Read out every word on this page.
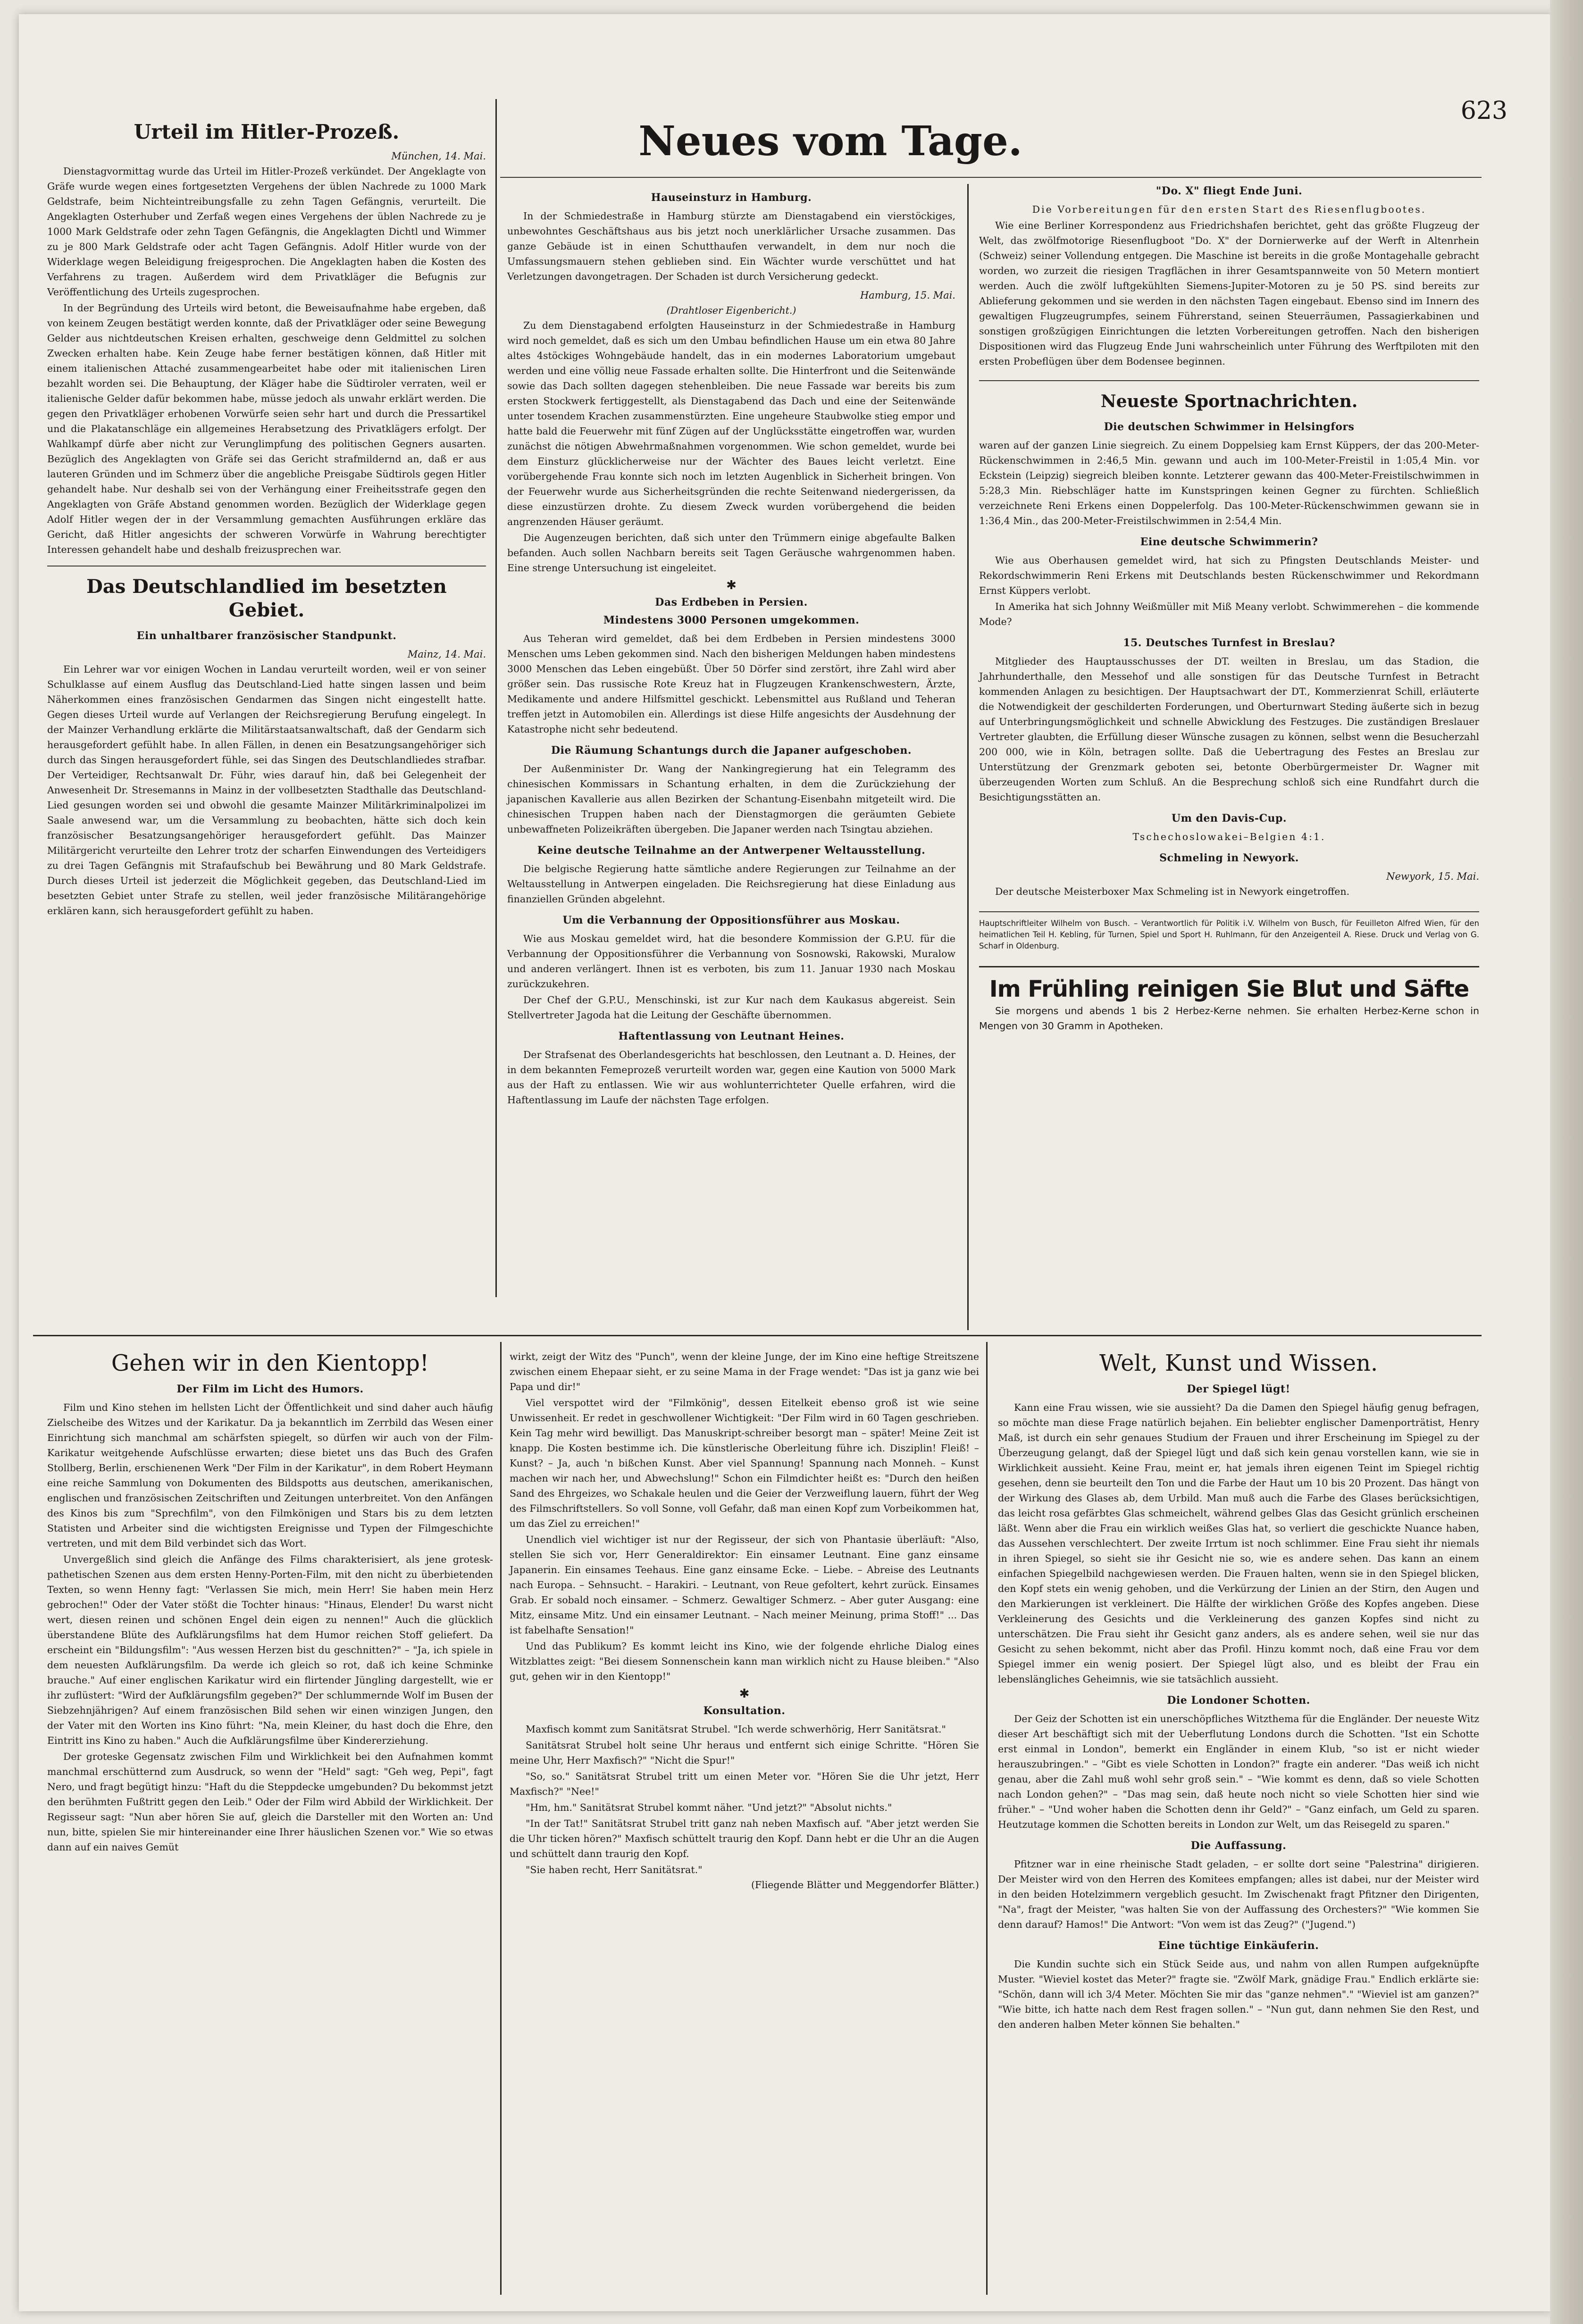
623
Neues vom Tage.
Urteil im Hitler-Prozeß.
München, 14. Mai.

Dienstagvormittag wurde das Urteil im Hitler-Prozeß verkündet. Der Angeklagte von Gräfe wurde wegen eines fortgesetzten Vergehens der üblen Nachrede zu 1000 Mark Geldstrafe, beim Nichteintreibungsfalle zu zehn Tagen Gefängnis, verurteilt. Die Angeklagten Osterhuber und Zerfaß wegen eines Vergehens der üblen Nachrede zu je 1000 Mark Geldstrafe oder zehn Tagen Gefängnis, die Angeklagten Dichtl und Wimmer zu je 800 Mark Geldstrafe oder acht Tagen Gefängnis. Adolf Hitler wurde von der Widerklage wegen Beleidigung freigesprochen. Die Angeklagten haben die Kosten des Verfahrens zu tragen. Außerdem wird dem Privatkläger die Befugnis zur Veröffentlichung des Urteils zugesprochen.

In der Begründung des Urteils wird betont, die Beweisaufnahme habe ergeben, daß von keinem Zeugen bestätigt werden konnte, daß der Privatkläger oder seine Bewegung Gelder aus nichtdeutschen Kreisen erhalten, geschweige denn Geldmittel zu solchen Zwecken erhalten habe. Kein Zeuge habe ferner bestätigen können, daß Hitler mit einem italienischen Attaché zusammengearbeitet habe oder mit italienischen Liren bezahlt worden sei. Die Behauptung, der Kläger habe die Südtiroler verraten, weil er italienische Gelder dafür bekommen habe, müsse jedoch als unwahr erklärt werden. Die gegen den Privatkläger erhobenen Vorwürfe seien sehr hart und durch die Pressartikel und die Plakatanschläge ein allgemeines Herabsetzung des Privatklägers erfolgt. Der Wahlkampf dürfe aber nicht zur Verunglimpfung des politischen Gegners ausarten. Bezüglich des Angeklagten von Gräfe sei das Gericht strafmildernd an, daß er aus lauteren Gründen und im Schmerz über die angebliche Preisgabe Südtirols gegen Hitler gehandelt habe. Nur deshalb sei von der Verhängung einer Freiheitsstrafe gegen den Angeklagten von Gräfe Abstand genommen worden. Bezüglich der Widerklage gegen Adolf Hitler wegen der in der Versammlung gemachten Ausführungen erkläre das Gericht, daß Hitler angesichts der schweren Vorwürfe in Wahrung berechtigter Interessen gehandelt habe und deshalb freizusprechen war.

Das Deutschlandlied im besetzten Gebiet.
Ein unhaltbarer französischer Standpunkt.
Mainz, 14. Mai.

Ein Lehrer war vor einigen Wochen in Landau verurteilt worden, weil er von seiner Schulklasse auf einem Ausflug das Deutschland-Lied hatte singen lassen und beim Näherkommen eines französischen Gendarmen das Singen nicht eingestellt hatte. Gegen dieses Urteil wurde auf Verlangen der Reichsregierung Berufung eingelegt. In der Mainzer Verhandlung erklärte die Militärstaatsanwaltschaft, daß der Gendarm sich herausgefordert gefühlt habe. In allen Fällen, in denen ein Besatzungsangehöriger sich durch das Singen herausgefordert fühle, sei das Singen des Deutschlandliedes strafbar. Der Verteidiger, Rechtsanwalt Dr. Führ, wies darauf hin, daß bei Gelegenheit der Anwesenheit Dr. Stresemanns in Mainz in der vollbesetzten Stadthalle das Deutschland-Lied gesungen worden sei und obwohl die gesamte Mainzer Militärkriminalpolizei im Saale anwesend war, um die Versammlung zu beobachten, hätte sich doch kein französischer Besatzungsangehöriger herausgefordert gefühlt. Das Mainzer Militärgericht verurteilte den Lehrer trotz der scharfen Einwendungen des Verteidigers zu drei Tagen Gefängnis mit Strafaufschub bei Bewährung und 80 Mark Geldstrafe. Durch dieses Urteil ist jederzeit die Möglichkeit gegeben, das Deutschland-Lied im besetzten Gebiet unter Strafe zu stellen, weil jeder französische Militärangehörige erklären kann, sich herausgefordert gefühlt zu haben.

Hauseinsturz in Hamburg.

In der Schmiedestraße in Hamburg stürzte am Dienstagabend ein vierstöckiges, unbewohntes Geschäftshaus aus bis jetzt noch unerklärlicher Ursache zusammen. Das ganze Gebäude ist in einen Schutthaufen verwandelt, in dem nur noch die Umfassungsmauern stehen geblieben sind. Ein Wächter wurde verschüttet und hat Verletzungen davongetragen. Der Schaden ist durch Versicherung gedeckt.

Hamburg, 15. Mai.
(Drahtloser Eigenbericht.)

Zu dem Dienstagabend erfolgten Hauseinsturz in der Schmiedestraße in Hamburg wird noch gemeldet, daß es sich um den Umbau befindlichen Hause um ein etwa 80 Jahre altes 4stöckiges Wohngebäude handelt, das in ein modernes Laboratorium umgebaut werden und eine völlig neue Fassade erhalten sollte. Die Hinterfront und die Seitenwände sowie das Dach sollten dagegen stehenbleiben. Die neue Fassade war bereits bis zum ersten Stockwerk fertiggestellt, als Dienstagabend das Dach und eine der Seitenwände unter tosendem Krachen zusammenstürzten. Eine ungeheure Staubwolke stieg empor und hatte bald die Feuerwehr mit fünf Zügen auf der Unglücksstätte eingetroffen war, wurden zunächst die nötigen Abwehrmaßnahmen vorgenommen. Wie schon gemeldet, wurde bei dem Einsturz glücklicherweise nur der Wächter des Baues leicht verletzt. Eine vorübergehende Frau konnte sich noch im letzten Augenblick in Sicherheit bringen. Von der Feuerwehr wurde aus Sicherheitsgründen die rechte Seitenwand niedergerissen, da diese einzustürzen drohte. Zu diesem Zweck wurden vorübergehend die beiden angrenzenden Häuser geräumt.

Die Augenzeugen berichten, daß sich unter den Trümmern einige abgefaulte Balken befanden. Auch sollen Nachbarn bereits seit Tagen Geräusche wahrgenommen haben. Eine strenge Untersuchung ist eingeleitet.

✱
Das Erdbeben in Persien.
Mindestens 3000 Personen umgekommen.

Aus Teheran wird gemeldet, daß bei dem Erdbeben in Persien mindestens 3000 Menschen ums Leben gekommen sind. Nach den bisherigen Meldungen haben mindestens 3000 Menschen das Leben eingebüßt. Über 50 Dörfer sind zerstört, ihre Zahl wird aber größer sein. Das russische Rote Kreuz hat in Flugzeugen Krankenschwestern, Ärzte, Medikamente und andere Hilfsmittel geschickt. Lebensmittel aus Rußland und Teheran treffen jetzt in Automobilen ein. Allerdings ist diese Hilfe angesichts der Ausdehnung der Katastrophe nicht sehr bedeutend.

Die Räumung Schantungs durch die Japaner aufgeschoben.

Der Außenminister Dr. Wang der Nankingregierung hat ein Telegramm des chinesischen Kommissars in Schantung erhalten, in dem die Zurückziehung der japanischen Kavallerie aus allen Bezirken der Schantung-Eisenbahn mitgeteilt wird. Die chinesischen Truppen haben nach der Dienstagmorgen die geräumten Gebiete unbewaffneten Polizeikräften übergeben. Die Japaner werden nach Tsingtau abziehen.

Keine deutsche Teilnahme an der Antwerpener Weltausstellung.

Die belgische Regierung hatte sämtliche andere Regierungen zur Teilnahme an der Weltausstellung in Antwerpen eingeladen. Die Reichsregierung hat diese Einladung aus finanziellen Gründen abgelehnt.

Um die Verbannung der Oppositionsführer aus Moskau.

Wie aus Moskau gemeldet wird, hat die besondere Kommission der G.P.U. für die Verbannung der Oppositionsführer die Verbannung von Sosnowski, Rakowski, Muralow und anderen verlängert. Ihnen ist es verboten, bis zum 11. Januar 1930 nach Moskau zurückzukehren.

Der Chef der G.P.U., Menschinski, ist zur Kur nach dem Kaukasus abgereist. Sein Stellvertreter Jagoda hat die Leitung der Geschäfte übernommen.

Haftentlassung von Leutnant Heines.

Der Strafsenat des Oberlandesgerichts hat beschlossen, den Leutnant a. D. Heines, der in dem bekannten Femeprozeß verurteilt worden war, gegen eine Kaution von 5000 Mark aus der Haft zu entlassen. Wie wir aus wohlunterrichteter Quelle erfahren, wird die Haftentlassung im Laufe der nächsten Tage erfolgen.

"Do. X" fliegt Ende Juni.

Die Vorbereitungen für den ersten Start des Riesenflugbootes.

Wie eine Berliner Korrespondenz aus Friedrichshafen berichtet, geht das größte Flugzeug der Welt, das zwölfmotorige Riesenflugboot "Do. X" der Dornierwerke auf der Werft in Altenrhein (Schweiz) seiner Vollendung entgegen. Die Maschine ist bereits in die große Montagehalle gebracht worden, wo zurzeit die riesigen Tragflächen in ihrer Gesamtspannweite von 50 Metern montiert werden. Auch die zwölf luftgekühlten Siemens-Jupiter-Motoren zu je 50 PS. sind bereits zur Ablieferung gekommen und sie werden in den nächsten Tagen eingebaut. Ebenso sind im Innern des gewaltigen Flugzeugrumpfes, seinem Führerstand, seinen Steuerräumen, Passagierkabinen und sonstigen großzügigen Einrichtungen die letzten Vorbereitungen getroffen. Nach den bisherigen Dispositionen wird das Flugzeug Ende Juni wahrscheinlich unter Führung des Werftpiloten mit den ersten Probeflügen über dem Bodensee beginnen.

Neueste Sportnachrichten.
Die deutschen Schwimmer in Helsingfors

waren auf der ganzen Linie siegreich. Zu einem Doppelsieg kam Ernst Küppers, der das 200-Meter-Rückenschwimmen in 2:46,5 Min. gewann und auch im 100-Meter-Freistil in 1:05,4 Min. vor Eckstein (Leipzig) siegreich bleiben konnte. Letzterer gewann das 400-Meter-Freistilschwimmen in 5:28,3 Min. Riebschläger hatte im Kunstspringen keinen Gegner zu fürchten. Schließlich verzeichnete Reni Erkens einen Doppelerfolg. Das 100-Meter-Rückenschwimmen gewann sie in 1:36,4 Min., das 200-Meter-Freistilschwimmen in 2:54,4 Min.

Eine deutsche Schwimmerin?

Wie aus Oberhausen gemeldet wird, hat sich zu Pfingsten Deutschlands Meister- und Rekordschwimmerin Reni Erkens mit Deutschlands besten Rückenschwimmer und Rekordmann Ernst Küppers verlobt.

In Amerika hat sich Johnny Weißmüller mit Miß Meany verlobt. Schwimmerehen – die kommende Mode?

15. Deutsches Turnfest in Breslau?

Mitglieder des Hauptausschusses der DT. weilten in Breslau, um das Stadion, die Jahrhunderthalle, den Messehof und alle sonstigen für das Deutsche Turnfest in Betracht kommenden Anlagen zu besichtigen. Der Hauptsachwart der DT., Kommerzienrat Schill, erläuterte die Notwendigkeit der geschilderten Forderungen, und Oberturnwart Steding äußerte sich in bezug auf Unterbringungsmöglichkeit und schnelle Abwicklung des Festzuges. Die zuständigen Breslauer Vertreter glaubten, die Erfüllung dieser Wünsche zusagen zu können, selbst wenn die Besucherzahl 200 000, wie in Köln, betragen sollte. Daß die Uebertragung des Festes an Breslau zur Unterstützung der Grenzmark geboten sei, betonte Oberbürgermeister Dr. Wagner mit überzeugenden Worten zum Schluß. An die Besprechung schloß sich eine Rundfahrt durch die Besichtigungsstätten an.

Um den Davis-Cup.
Tschechoslowakei–Belgien 4:1.
Schmeling in Newyork.
Newyork, 15. Mai.

Der deutsche Meisterboxer Max Schmeling ist in Newyork eingetroffen.

Hauptschriftleiter Wilhelm von Busch. – Verantwortlich für Politik i.V. Wilhelm von Busch, für Feuilleton Alfred Wien, für den heimatlichen Teil H. Kebling, für Turnen, Spiel und Sport H. Ruhlmann, für den Anzeigenteil A. Riese. Druck und Verlag von G. Scharf in Oldenburg.
Im Frühling reinigen Sie Blut und Säfte

Sie morgens und abends 1 bis 2 Herbez-Kerne nehmen. Sie erhalten Herbez-Kerne schon in Mengen von 30 Gramm in Apotheken.

Gehen wir in den Kientopp!
Der Film im Licht des Humors.

Film und Kino stehen im hellsten Licht der Öffentlichkeit und sind daher auch häufig Zielscheibe des Witzes und der Karikatur. Da ja bekanntlich im Zerrbild das Wesen einer Einrichtung sich manchmal am schärfsten spiegelt, so dürfen wir auch von der Film-Karikatur weitgehende Aufschlüsse erwarten; diese bietet uns das Buch des Grafen Stollberg, Berlin, erschienenen Werk "Der Film in der Karikatur", in dem Robert Heymann eine reiche Sammlung von Dokumenten des Bildspotts aus deutschen, amerikanischen, englischen und französischen Zeitschriften und Zeitungen unterbreitet. Von den Anfängen des Kinos bis zum "Sprechfilm", von den Filmkönigen und Stars bis zu dem letzten Statisten und Arbeiter sind die wichtigsten Ereignisse und Typen der Filmgeschichte vertreten, und mit dem Bild verbindet sich das Wort.

Unvergeßlich sind gleich die Anfänge des Films charakterisiert, als jene grotesk-pathetischen Szenen aus dem ersten Henny-Porten-Film, mit den nicht zu überbietenden Texten, so wenn Henny fagt: "Verlassen Sie mich, mein Herr! Sie haben mein Herz gebrochen!" Oder der Vater stößt die Tochter hinaus: "Hinaus, Elender! Du warst nicht wert, diesen reinen und schönen Engel dein eigen zu nennen!" Auch die glücklich überstandene Blüte des Aufklärungsfilms hat dem Humor reichen Stoff geliefert. Da erscheint ein "Bildungsfilm": "Aus wessen Herzen bist du geschnitten?" – "Ja, ich spiele in dem neuesten Aufklärungsfilm. Da werde ich gleich so rot, daß ich keine Schminke brauche." Auf einer englischen Karikatur wird ein flirtender Jüngling dargestellt, wie er ihr zuflüstert: "Wird der Aufklärungsfilm gegeben?" Der schlummernde Wolf im Busen der Siebzehnjährigen? Auf einem französischen Bild sehen wir einen winzigen Jungen, den der Vater mit den Worten ins Kino führt: "Na, mein Kleiner, du hast doch die Ehre, den Eintritt ins Kino zu haben." Auch die Aufklärungsfilme über Kindererziehung.

Der groteske Gegensatz zwischen Film und Wirklichkeit bei den Aufnahmen kommt manchmal erschütternd zum Ausdruck, so wenn der "Held" sagt: "Geh weg, Pepi", fagt Nero, und fragt begütigt hinzu: "Haft du die Steppdecke umgebunden? Du bekommst jetzt den berühmten Fußtritt gegen den Leib." Oder der Film wird Abbild der Wirklichkeit. Der Regisseur sagt: "Nun aber hören Sie auf, gleich die Darsteller mit den Worten an: Und nun, bitte, spielen Sie mir hintereinander eine Ihrer häuslichen Szenen vor." Wie so etwas dann auf ein naives Gemüt

wirkt, zeigt der Witz des "Punch", wenn der kleine Junge, der im Kino eine heftige Streitszene zwischen einem Ehepaar sieht, er zu seine Mama in der Frage wendet: "Das ist ja ganz wie bei Papa und dir!"

Viel verspottet wird der "Filmkönig", dessen Eitelkeit ebenso groß ist wie seine Unwissenheit. Er redet in geschwollener Wichtigkeit: "Der Film wird in 60 Tagen geschrieben. Kein Tag mehr wird bewilligt. Das Manuskript-schreiber besorgt man – später! Meine Zeit ist knapp. Die Kosten bestimme ich. Die künstlerische Oberleitung führe ich. Disziplin! Fleiß! – Kunst? – Ja, auch 'n bißchen Kunst. Aber viel Spannung! Spannung nach Monneh. – Kunst machen wir nach her, und Abwechslung!" Schon ein Filmdichter heißt es: "Durch den heißen Sand des Ehrgeizes, wo Schakale heulen und die Geier der Verzweiflung lauern, führt der Weg des Filmschriftstellers. So voll Sonne, voll Gefahr, daß man einen Kopf zum Vorbeikommen hat, um das Ziel zu erreichen!"

Unendlich viel wichtiger ist nur der Regisseur, der sich von Phantasie überläuft: "Also, stellen Sie sich vor, Herr Generaldirektor: Ein einsamer Leutnant. Eine ganz einsame Japanerin. Ein einsames Teehaus. Eine ganz einsame Ecke. – Liebe. – Abreise des Leutnants nach Europa. – Sehnsucht. – Harakiri. – Leutnant, von Reue gefoltert, kehrt zurück. Einsames Grab. Er sobald noch einsamer. – Schmerz. Gewaltiger Schmerz. – Aber guter Ausgang: eine Mitz, einsame Mitz. Und ein einsamer Leutnant. – Nach meiner Meinung, prima Stoff!" ... Das ist fabelhafte Sensation!"

Und das Publikum? Es kommt leicht ins Kino, wie der folgende ehrliche Dialog eines Witzblattes zeigt: "Bei diesem Sonnenschein kann man wirklich nicht zu Hause bleiben." "Also gut, gehen wir in den Kientopp!"

✱
Konsultation.

Maxfisch kommt zum Sanitätsrat Strubel. "Ich werde schwerhörig, Herr Sanitätsrat."

Sanitätsrat Strubel holt seine Uhr heraus und entfernt sich einige Schritte. "Hören Sie meine Uhr, Herr Maxfisch?" "Nicht die Spur!"

"So, so." Sanitätsrat Strubel tritt um einen Meter vor. "Hören Sie die Uhr jetzt, Herr Maxfisch?" "Nee!"

"Hm, hm." Sanitätsrat Strubel kommt näher. "Und jetzt?" "Absolut nichts."

"In der Tat!" Sanitätsrat Strubel tritt ganz nah neben Maxfisch auf. "Aber jetzt werden Sie die Uhr ticken hören?" Maxfisch schüttelt traurig den Kopf. Dann hebt er die Uhr an die Augen und schüttelt dann traurig den Kopf.

"Sie haben recht, Herr Sanitätsrat."

(Fliegende Blätter und Meggendorfer Blätter.)
Welt, Kunst und Wissen.
Der Spiegel lügt!

Kann eine Frau wissen, wie sie aussieht? Da die Damen den Spiegel häufig genug befragen, so möchte man diese Frage natürlich bejahen. Ein beliebter englischer Damenporträtist, Henry Maß, ist durch ein sehr genaues Studium der Frauen und ihrer Erscheinung im Spiegel zu der Überzeugung gelangt, daß der Spiegel lügt und daß sich kein genau vorstellen kann, wie sie in Wirklichkeit aussieht. Keine Frau, meint er, hat jemals ihren eigenen Teint im Spiegel richtig gesehen, denn sie beurteilt den Ton und die Farbe der Haut um 10 bis 20 Prozent. Das hängt von der Wirkung des Glases ab, dem Urbild. Man muß auch die Farbe des Glases berücksichtigen, das leicht rosa gefärbtes Glas schmeichelt, während gelbes Glas das Gesicht grünlich erscheinen läßt. Wenn aber die Frau ein wirklich weißes Glas hat, so verliert die geschickte Nuance haben, das Aussehen verschlechtert. Der zweite Irrtum ist noch schlimmer. Eine Frau sieht ihr niemals in ihren Spiegel, so sieht sie ihr Gesicht nie so, wie es andere sehen. Das kann an einem einfachen Spiegelbild nachgewiesen werden. Die Frauen halten, wenn sie in den Spiegel blicken, den Kopf stets ein wenig gehoben, und die Verkürzung der Linien an der Stirn, den Augen und den Markierungen ist verkleinert. Die Hälfte der wirklichen Größe des Kopfes angeben. Diese Verkleinerung des Gesichts und die Verkleinerung des ganzen Kopfes sind nicht zu unterschätzen. Die Frau sieht ihr Gesicht ganz anders, als es andere sehen, weil sie nur das Gesicht zu sehen bekommt, nicht aber das Profil. Hinzu kommt noch, daß eine Frau vor dem Spiegel immer ein wenig posiert. Der Spiegel lügt also, und es bleibt der Frau ein lebenslängliches Geheimnis, wie sie tatsächlich aussieht.

Die Londoner Schotten.

Der Geiz der Schotten ist ein unerschöpfliches Witzthema für die Engländer. Der neueste Witz dieser Art beschäftigt sich mit der Ueberflutung Londons durch die Schotten. "Ist ein Schotte erst einmal in London", bemerkt ein Engländer in einem Klub, "so ist er nicht wieder herauszubringen." – "Gibt es viele Schotten in London?" fragte ein anderer. "Das weiß ich nicht genau, aber die Zahl muß wohl sehr groß sein." – "Wie kommt es denn, daß so viele Schotten nach London gehen?" – "Das mag sein, daß heute noch nicht so viele Schotten hier sind wie früher." – "Und woher haben die Schotten denn ihr Geld?" – "Ganz einfach, um Geld zu sparen. Heutzutage kommen die Schotten bereits in London zur Welt, um das Reisegeld zu sparen."

Die Auffassung.

Pfitzner war in eine rheinische Stadt geladen, – er sollte dort seine "Palestrina" dirigieren. Der Meister wird von den Herren des Komitees empfangen; alles ist dabei, nur der Meister wird in den beiden Hotelzimmern vergeblich gesucht. Im Zwischenakt fragt Pfitzner den Dirigenten, "Na", fragt der Meister, "was halten Sie von der Auffassung des Orchesters?" "Wie kommen Sie denn darauf? Hamos!" Die Antwort: "Von wem ist das Zeug?" ("Jugend.")

Eine tüchtige Einkäuferin.

Die Kundin suchte sich ein Stück Seide aus, und nahm von allen Rumpen aufgeknüpfte Muster. "Wieviel kostet das Meter?" fragte sie. "Zwölf Mark, gnädige Frau." Endlich erklärte sie: "Schön, dann will ich 3/4 Meter. Möchten Sie mir das "ganze nehmen"." "Wieviel ist am ganzen?" "Wie bitte, ich hatte nach dem Rest fragen sollen." – "Nun gut, dann nehmen Sie den Rest, und den anderen halben Meter können Sie behalten."
